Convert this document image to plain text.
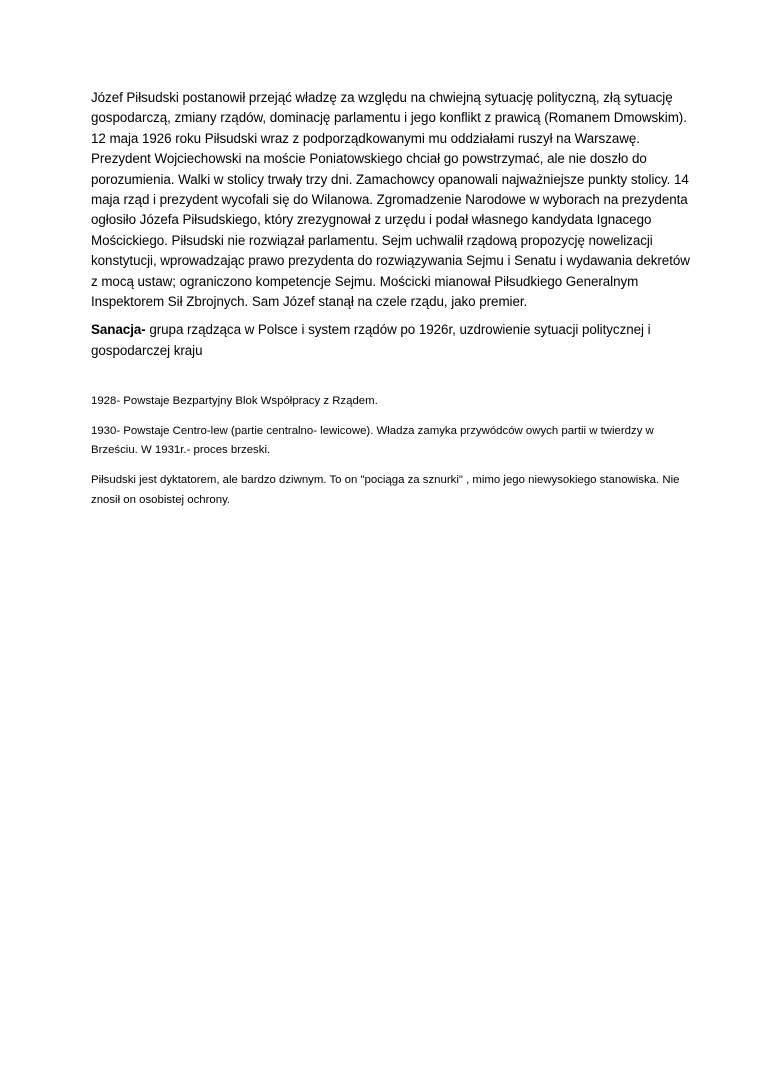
Józef Piłsudski postanowił przejąć władzę za względu na chwiejną sytuację polityczną, złą sytuację gospodarczą, zmiany rządów, dominację parlamentu i jego konflikt z prawicą (Romanem Dmowskim). 12 maja 1926 roku Piłsudski wraz z podporządkowanymi mu oddziałami ruszył na Warszawę. Prezydent Wojciechowski na moście Poniatowskiego chciał go powstrzymać, ale nie doszło do porozumienia. Walki w stolicy trwały trzy dni. Zamachowcy opanowali najważniejsze punkty stolicy. 14 maja rząd i prezydent wycofali się do Wilanowa. Zgromadzenie Narodowe w wyborach na prezydenta ogłosiło Józefa Piłsudskiego, który zrezygnował z urzędu i podał własnego kandydata Ignacego Mościckiego. Piłsudski nie rozwiązał parlamentu. Sejm uchwalił rządową propozycję nowelizacji konstytucji, wprowadzając prawo prezydenta do rozwiązywania Sejmu i Senatu i wydawania dekretów z mocą ustaw; ograniczono kompetencje Sejmu. Mościcki mianował Piłsudkiego Generalnym Inspektorem Sił Zbrojnych. Sam Józef stanął na czele rządu, jako premier.

Sanacja- grupa rządząca w Polsce i system rządów po 1926r, uzdrowienie sytuacji politycznej i gospodarczej kraju

1928- Powstaje Bezpartyjny Blok Współpracy z Rządem.

1930- Powstaje Centro-lew (partie centralno- lewicowe). Władza zamyka przywódców owych partii w twierdzy w Brześciu. W 1931r.- proces brzeski.

Piłsudski jest dyktatorem, ale bardzo dziwnym. To on "pociąga za sznurki" , mimo jego niewysokiego stanowiska. Nie znosił on osobistej ochrony.
